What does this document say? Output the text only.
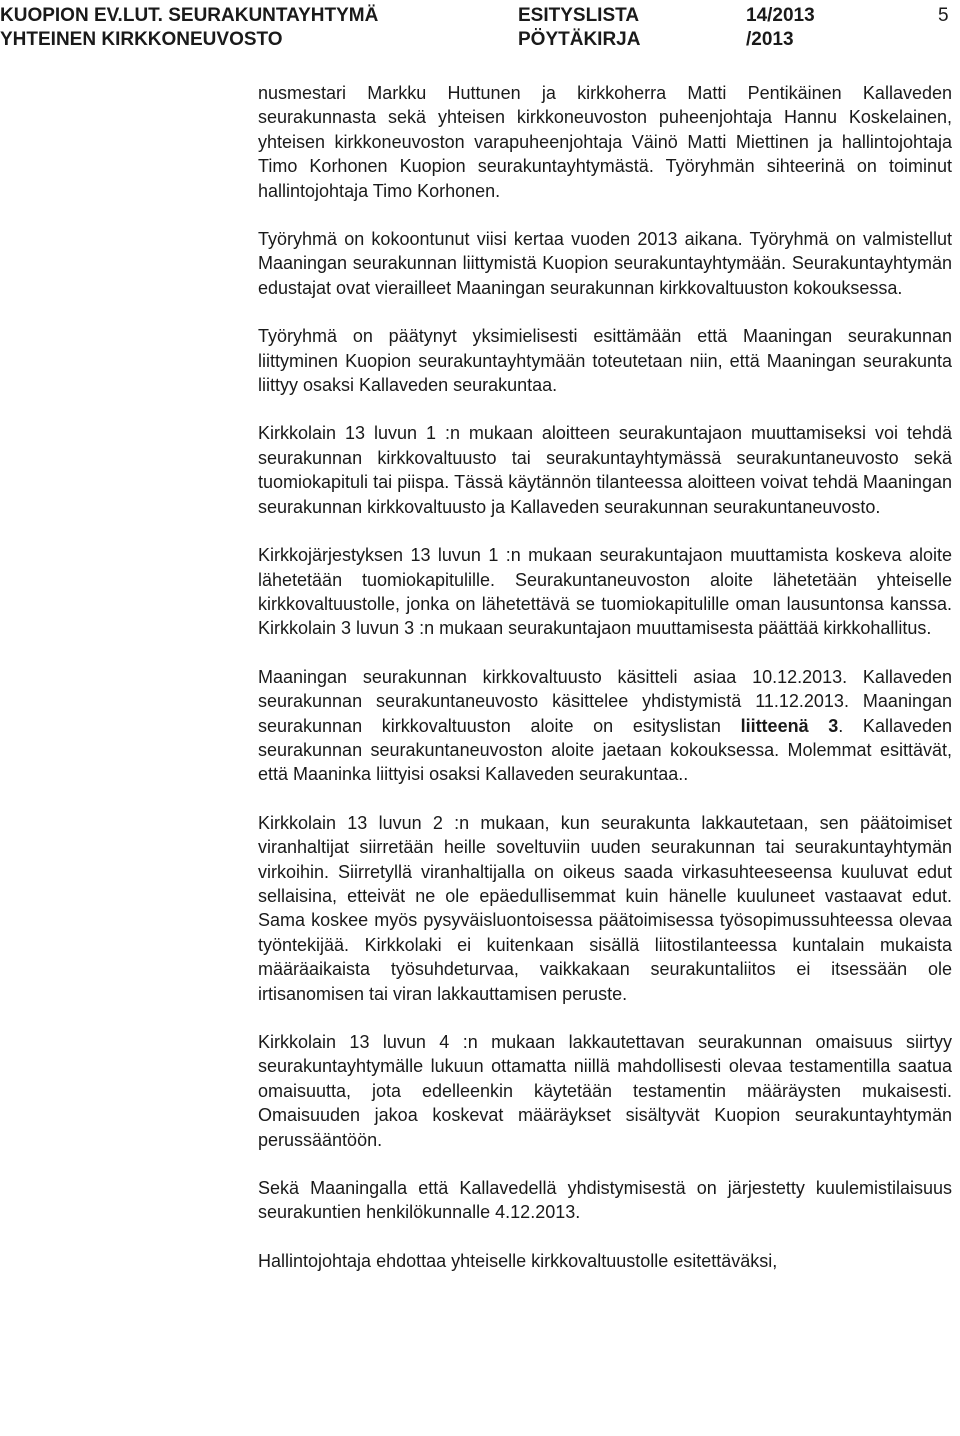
KUOPION EV.LUT. SEURAKUNTAYHTYMÄ
YHTEINEN KIRKKONEUVOSTO
ESITYSLISTA
PÖYTÄKIRJA
14/2013
/2013
5

nusmestari Markku Huttunen ja kirkkoherra Matti Pentikäinen Kallaveden seurakunnasta sekä yhteisen kirkkoneuvoston puheenjohtaja Hannu Koskelainen, yhteisen kirkkoneuvoston varapuheenjohtaja Väinö Matti Miettinen ja hallintojohtaja Timo Korhonen Kuopion seurakuntayhtymästä. Työryhmän sihteerinä on toiminut hallintojohtaja Timo Korhonen.

Työryhmä on kokoontunut viisi kertaa vuoden 2013 aikana. Työryhmä on valmistellut Maaningan seurakunnan liittymistä Kuopion seurakuntayhtymään. Seurakuntayhtymän edustajat ovat vierailleet Maaningan seurakunnan kirkkovaltuuston kokouksessa.

Työryhmä on päätynyt yksimielisesti esittämään että Maaningan seurakunnan liittyminen Kuopion seurakuntayhtymään toteutetaan niin, että Maaningan seurakunta liittyy osaksi Kallaveden seurakuntaa.

Kirkkolain 13 luvun 1 :n mukaan aloitteen seurakuntajaon muuttamiseksi voi tehdä seurakunnan kirkkovaltuusto tai seurakuntayhtymässä seurakuntaneuvosto sekä tuomiokapituli tai piispa. Tässä käytännön tilanteessa aloitteen voivat tehdä Maaningan seurakunnan kirkkovaltuusto ja Kallaveden seurakunnan seurakuntaneuvosto.

Kirkkojärjestyksen 13 luvun 1 :n mukaan seurakuntajaon muuttamista koskeva aloite lähetetään tuomiokapitulille. Seurakuntaneuvoston aloite lähetetään yhteiselle kirkkovaltuustolle, jonka on lähetettävä se tuomiokapitulille oman lausuntonsa kanssa. Kirkkolain 3 luvun 3 :n mukaan seurakuntajaon muuttamisesta päättää kirkkohallitus.

Maaningan seurakunnan kirkkovaltuusto käsitteli asiaa 10.12.2013. Kallaveden seurakunnan seurakuntaneuvosto käsittelee yhdistymistä 11.12.2013. Maaningan seurakunnan kirkkovaltuuston aloite on esityslistan liitteenä 3. Kallaveden seurakunnan seurakuntaneuvoston aloite jaetaan kokouksessa. Molemmat esittävät, että Maaninka liittyisi osaksi Kallaveden seurakuntaa..

Kirkkolain 13 luvun 2 :n mukaan, kun seurakunta lakkautetaan, sen päätoimiset viranhaltijat siirretään heille soveltuviin uuden seurakunnan tai seurakuntayhtymän virkoihin. Siirretyllä viranhaltijalla on oikeus saada virkasuhteeseensa kuuluvat edut sellaisina, etteivät ne ole epäedullisemmat kuin hänelle kuuluneet vastaavat edut. Sama koskee myös pysyväisluontoisessa päätoimisessa työsopimussuhteessa olevaa työntekijää. Kirkkolaki ei kuitenkaan sisällä liitostilanteessa kuntalain mukaista määräaikaista työsuhdeturvaa, vaikkakaan seurakuntaliitos ei itsessään ole irtisanomisen tai viran lakkauttamisen peruste.

Kirkkolain 13 luvun 4 :n mukaan lakkautettavan seurakunnan omaisuus siirtyy seurakuntayhtymälle lukuun ottamatta niillä mahdollisesti olevaa testamentilla saatua omaisuutta, jota edelleenkin käytetään testamentin määräysten mukaisesti. Omaisuuden jakoa koskevat määräykset sisältyvät Kuopion seurakuntayhtymän perussääntöön.

Sekä Maaningalla että Kallavedellä yhdistymisestä on järjestetty kuulemistilaisuus seurakuntien henkilökunnalle 4.12.2013.

Hallintojohtaja ehdottaa yhteiselle kirkkovaltuustolle esitettäväksi,
